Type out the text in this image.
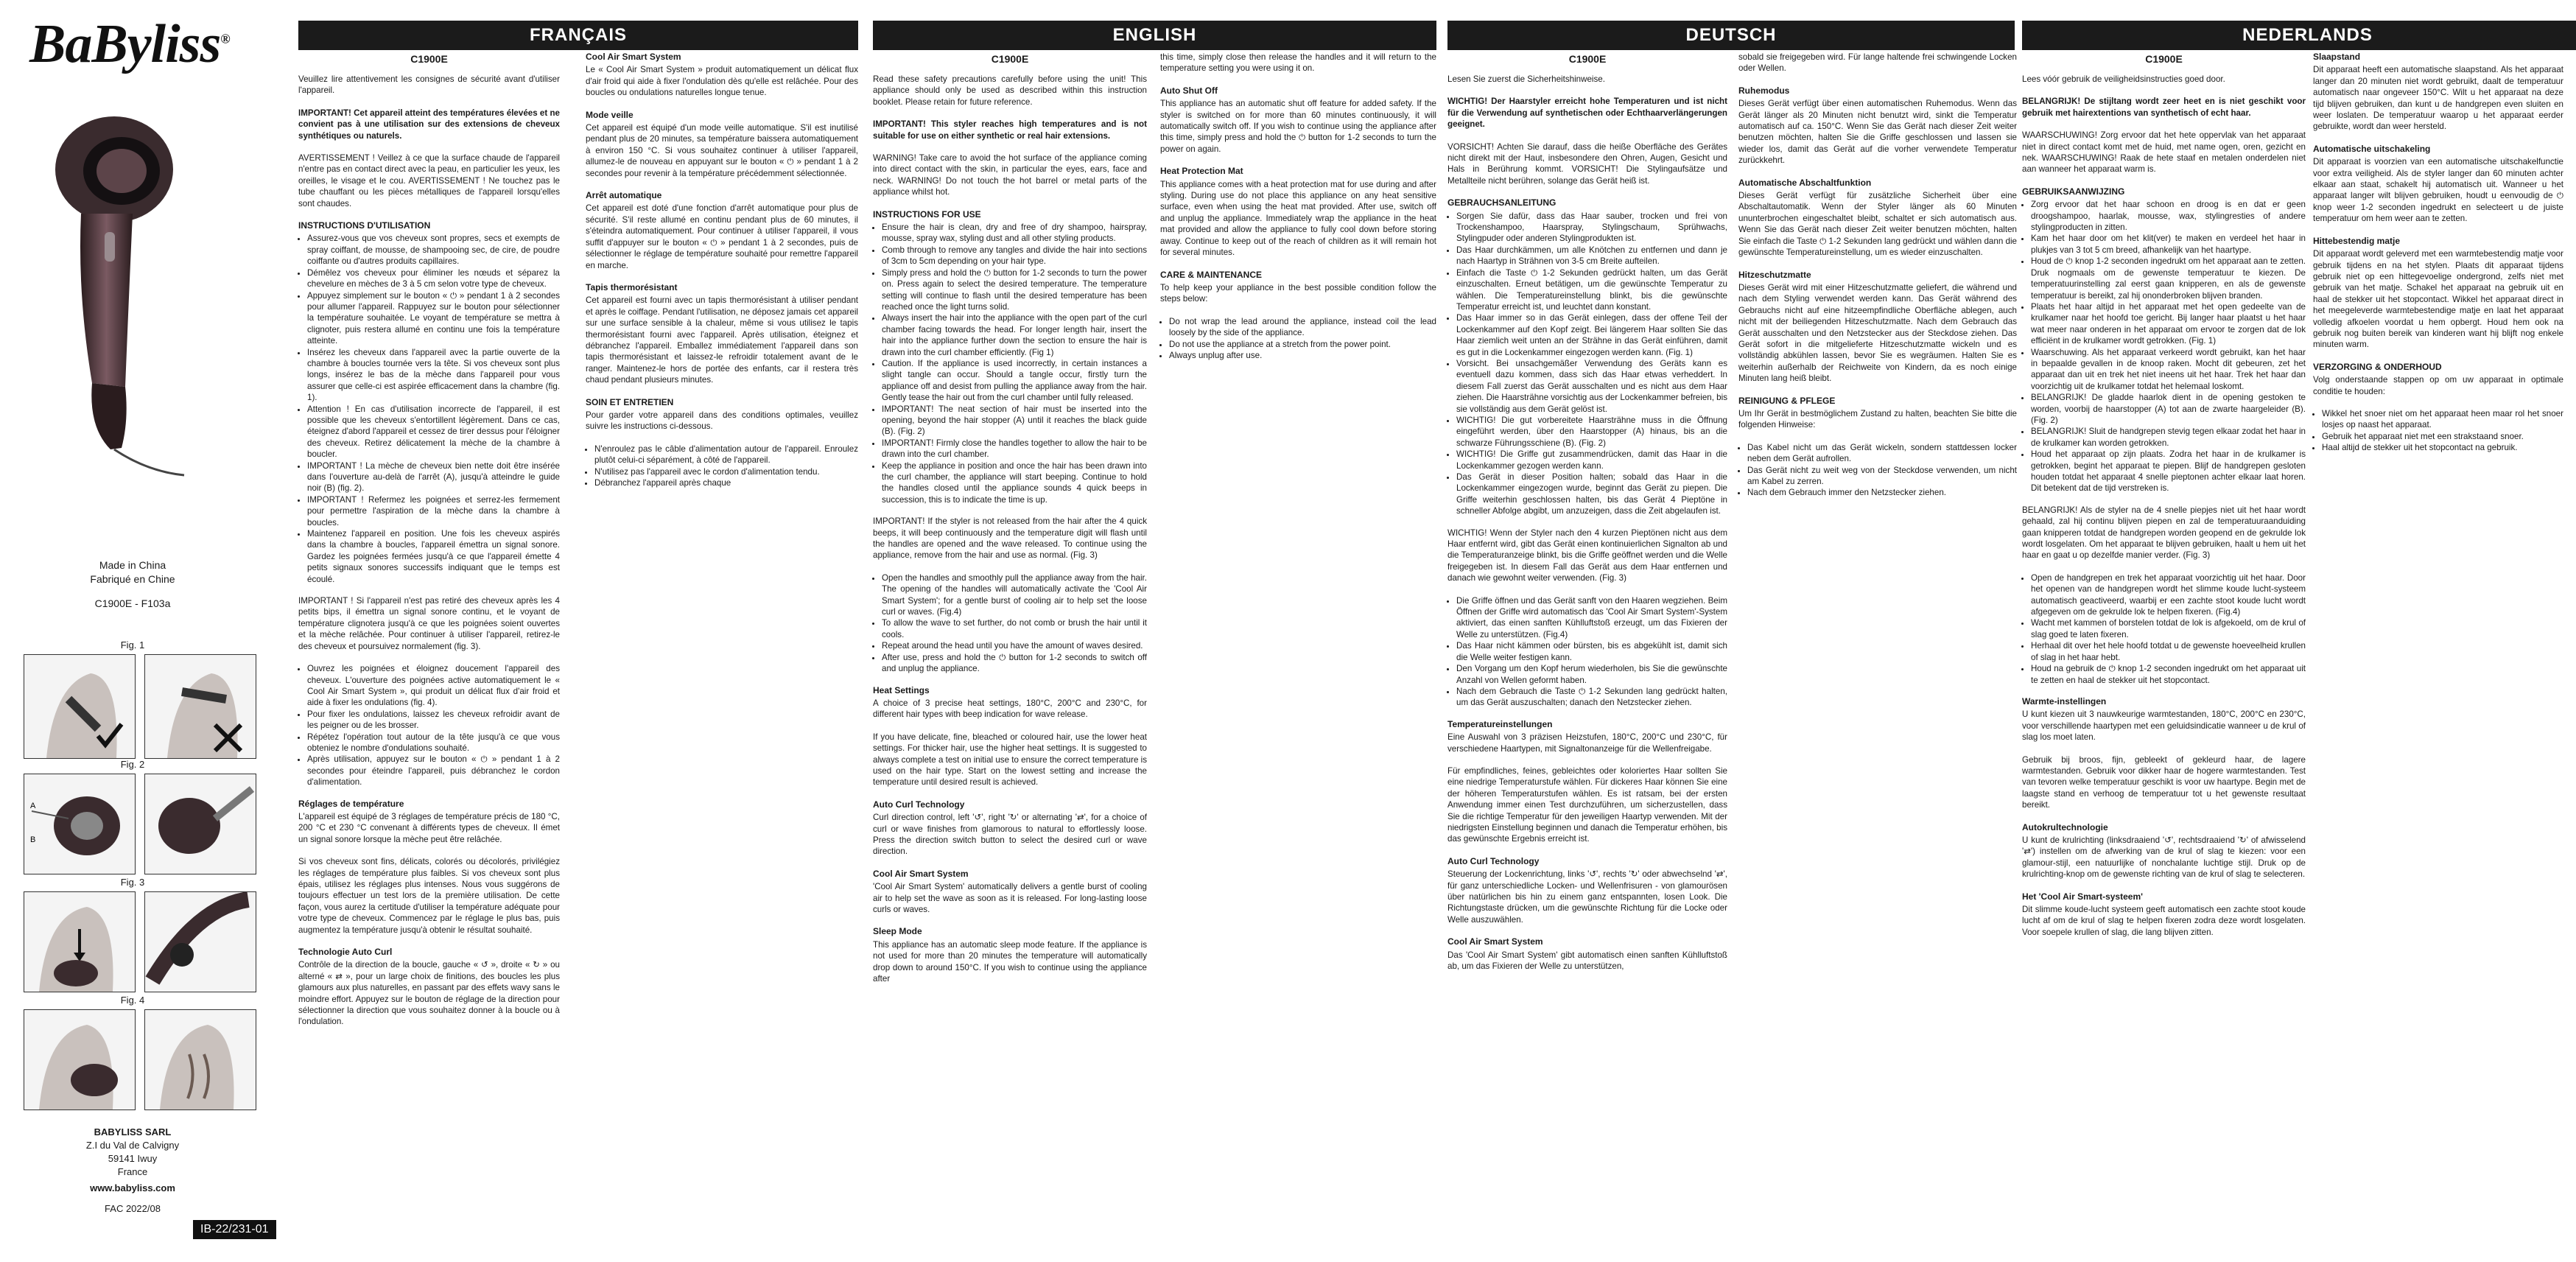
BaByliss®
Made in China
Fabriqué en Chine
C1900E - F103a
Fig. 1
Fig. 2
A
B
Fig. 3
Fig. 4
BABYLISS SARL
Z.I du Val de Calvigny
59141 Iwuy
France
www.babyliss.com
FAC 2022/08
IB-22/231-01
FRANÇAIS
C1900E

Veuillez lire attentivement les consignes de sécurité avant d'utiliser l'appareil.

IMPORTANT! Cet appareil atteint des températures élevées et ne convient pas à une utilisation sur des extensions de cheveux synthétiques ou naturels.

AVERTISSEMENT ! Veillez à ce que la surface chaude de l'appareil n'entre pas en contact direct avec la peau, en particulier les yeux, les oreilles, le visage et le cou. AVERTISSEMENT ! Ne touchez pas le tube chauffant ou les pièces métalliques de l'appareil lorsqu'elles sont chaudes.

INSTRUCTIONS D'UTILISATION
• Assurez-vous que vos cheveux sont propres, secs et exempts de spray coiffant, de mousse, de shampooing sec, de cire, de poudre coiffante ou d'autres produits capillaires.
• Démêlez vos cheveux pour éliminer les nœuds et séparez la chevelure en mèches de 3 à 5 cm selon votre type de cheveux.
• Appuyez simplement sur le bouton « ⏻ » pendant 1 à 2 secondes pour allumer l'appareil. Rappuyez sur le bouton pour sélectionner la température souhaitée. Le voyant de température se mettra à clignoter, puis restera allumé en continu une fois la température atteinte.
• Insérez les cheveux dans l'appareil avec la partie ouverte de la chambre à boucles tournée vers la tête. Si vos cheveux sont plus longs, insérez le bas de la mèche dans l'appareil pour vous assurer que celle-ci est aspirée efficacement dans la chambre (fig. 1).
• Attention ! En cas d'utilisation incorrecte de l'appareil, il est possible que les cheveux s'entortillent légèrement. Dans ce cas, éteignez d'abord l'appareil et cessez de tirer dessus pour l'éloigner des cheveux. Retirez délicatement la mèche de la chambre à boucler.
• IMPORTANT ! La mèche de cheveux bien nette doit être insérée dans l'ouverture au-delà de l'arrêt (A), jusqu'à atteindre le guide noir (B) (fig. 2).
• IMPORTANT ! Refermez les poignées et serrez-les fermement pour permettre l'aspiration de la mèche dans la chambre à boucles.
• Maintenez l'appareil en position. Une fois les cheveux aspirés dans la chambre à boucles, l'appareil émettra un signal sonore. Gardez les poignées fermées jusqu'à ce que l'appareil émette 4 petits signaux sonores successifs indiquant que le temps est écoulé.

IMPORTANT ! Si l'appareil n'est pas retiré des cheveux après les 4 petits bips, il émettra un signal sonore continu, et le voyant de température clignotera jusqu'à ce que les poignées soient ouvertes et la mèche relâchée. Pour continuer à utiliser l'appareil, retirez-le des cheveux et poursuivez normalement (fig. 3).

• Ouvrez les poignées et éloignez doucement l'appareil des cheveux. L'ouverture des poignées active automatiquement le « Cool Air Smart System », qui produit un délicat flux d'air froid et aide à fixer les ondulations (fig. 4).
• Pour fixer les ondulations, laissez les cheveux refroidir avant de les peigner ou de les brosser.
• Répétez l'opération tout autour de la tête jusqu'à ce que vous obteniez le nombre d'ondulations souhaité.
• Après utilisation, appuyez sur le bouton « ⏻ » pendant 1 à 2 secondes pour éteindre l'appareil, puis débranchez le cordon d'alimentation.
Réglages de température

L'appareil est équipé de 3 réglages de température précis de 180 °C, 200 °C et 230 °C convenant à différents types de cheveux. Il émet un signal sonore lorsque la mèche peut être relâchée.

Si vos cheveux sont fins, délicats, colorés ou décolorés, privilégiez les réglages de température plus faibles. Si vos cheveux sont plus épais, utilisez les réglages plus intenses. Nous vous suggérons de toujours effectuer un test lors de la première utilisation. De cette façon, vous aurez la certitude d'utiliser la température adéquate pour votre type de cheveux. Commencez par le réglage le plus bas, puis augmentez la température jusqu'à obtenir le résultat souhaité.

Technologie Auto Curl

Contrôle de la direction de la boucle, gauche « ↺ », droite « ↻ » ou alterné « ⇄ », pour un large choix de finitions, des boucles les plus glamours aux plus naturelles, en passant par des effets wavy sans le moindre effort. Appuyez sur le bouton de réglage de la direction pour sélectionner la direction que vous souhaitez donner à la boucle ou à l'ondulation.

Cool Air Smart System

Le « Cool Air Smart System » produit automatiquement un délicat flux d'air froid qui aide à fixer l'ondulation dès qu'elle est relâchée. Pour des boucles ou ondulations naturelles longue tenue.

Mode veille

Cet appareil est équipé d'un mode veille automatique. S'il est inutilisé pendant plus de 20 minutes, sa température baissera automatiquement à environ 150 °C. Si vous souhaitez continuer à utiliser l'appareil, allumez-le de nouveau en appuyant sur le bouton « ⏻ » pendant 1 à 2 secondes pour revenir à la température précédemment sélectionnée.

Arrêt automatique

Cet appareil est doté d'une fonction d'arrêt automatique pour plus de sécurité. S'il reste allumé en continu pendant plus de 60 minutes, il s'éteindra automatiquement. Pour continuer à utiliser l'appareil, il vous suffit d'appuyer sur le bouton « ⏻ » pendant 1 à 2 secondes, puis de sélectionner le réglage de température souhaité pour remettre l'appareil en marche.

Tapis thermorésistant

Cet appareil est fourni avec un tapis thermorésistant à utiliser pendant et après le coiffage. Pendant l'utilisation, ne déposez jamais cet appareil sur une surface sensible à la chaleur, même si vous utilisez le tapis thermorésistant fourni avec l'appareil. Après utilisation, éteignez et débranchez l'appareil. Emballez immédiatement l'appareil dans son tapis thermorésistant et laissez-le refroidir totalement avant de le ranger. Maintenez-le hors de portée des enfants, car il restera très chaud pendant plusieurs minutes.

SOIN ET ENTRETIEN

Pour garder votre appareil dans des conditions optimales, veuillez suivre les instructions ci-dessous.

• N'enroulez pas le câble d'alimentation autour de l'appareil. Enroulez plutôt celui-ci séparément, à côté de l'appareil.
• N'utilisez pas l'appareil avec le cordon d'alimentation tendu.
• Débranchez l'appareil après chaque
ENGLISH
C1900E

Read these safety precautions carefully before using the unit! This appliance should only be used as described within this instruction booklet. Please retain for future reference.

IMPORTANT! This styler reaches high temperatures and is not suitable for use on either synthetic or real hair extensions.

WARNING! Take care to avoid the hot surface of the appliance coming into direct contact with the skin, in particular the eyes, ears, face and neck. WARNING! Do not touch the hot barrel or metal parts of the appliance whilst hot.

INSTRUCTIONS FOR USE
• Ensure the hair is clean, dry and free of dry shampoo, hairspray, mousse, spray wax, styling dust and all other styling products.
• Comb through to remove any tangles and divide the hair into sections of 3cm to 5cm depending on your hair type.
• Simply press and hold the ⏻ button for 1-2 seconds to turn the power on. Press again to select the desired temperature. The temperature setting will continue to flash until the desired temperature has been reached once the light turns solid.
• Always insert the hair into the appliance with the open part of the curl chamber facing towards the head. For longer length hair, insert the hair into the appliance further down the section to ensure the hair is drawn into the curl chamber efficiently. (Fig 1)
• Caution. If the appliance is used incorrectly, in certain instances a slight tangle can occur. Should a tangle occur, firstly turn the appliance off and desist from pulling the appliance away from the hair. Gently tease the hair out from the curl chamber until fully released.
• IMPORTANT! The neat section of hair must be inserted into the opening, beyond the hair stopper (A) until it reaches the black guide (B). (Fig. 2)
• IMPORTANT! Firmly close the handles together to allow the hair to be drawn into the curl chamber.
• Keep the appliance in position and once the hair has been drawn into the curl chamber, the appliance will start beeping. Continue to hold the handles closed until the appliance sounds 4 quick beeps in succession, this is to indicate the time is up.

IMPORTANT! If the styler is not released from the hair after the 4 quick beeps, it will beep continuously and the temperature digit will flash until the handles are opened and the wave released. To continue using the appliance, remove from the hair and use as normal. (Fig. 3)

• Open the handles and smoothly pull the appliance away from the hair. The opening of the handles will automatically activate the 'Cool Air Smart System'; for a gentle burst of cooling air to help set the loose curl or waves. (Fig.4)
• To allow the wave to set further, do not comb or brush the hair until it cools.
• Repeat around the head until you have the amount of waves desired.
• After use, press and hold the ⏻ button for 1-2 seconds to switch off and unplug the appliance.
Heat Settings

A choice of 3 precise heat settings, 180°C, 200°C and 230°C, for different hair types with beep indication for wave release.

If you have delicate, fine, bleached or coloured hair, use the lower heat settings. For thicker hair, use the higher heat settings. It is suggested to always complete a test on initial use to ensure the correct temperature is used on the hair type. Start on the lowest setting and increase the temperature until desired result is achieved.

Auto Curl Technology

Curl direction control, left '↺', right '↻' or alternating '⇄', for a choice of curl or wave finishes from glamorous to natural to effortlessly loose. Press the direction switch button to select the desired curl or wave direction.

Cool Air Smart System

'Cool Air Smart System' automatically delivers a gentle burst of cooling air to help set the wave as soon as it is released. For long-lasting loose curls or waves.

Sleep Mode

This appliance has an automatic sleep mode feature. If the appliance is not used for more than 20 minutes the temperature will automatically drop down to around 150°C. If you wish to continue using the appliance after

this time, simply close then release the handles and it will return to the temperature setting you were using it on.

Auto Shut Off

This appliance has an automatic shut off feature for added safety. If the styler is switched on for more than 60 minutes continuously, it will automatically switch off. If you wish to continue using the appliance after this time, simply press and hold the ⏻ button for 1-2 seconds to turn the power on again.

Heat Protection Mat

This appliance comes with a heat protection mat for use during and after styling. During use do not place this appliance on any heat sensitive surface, even when using the heat mat provided. After use, switch off and unplug the appliance. Immediately wrap the appliance in the heat mat provided and allow the appliance to fully cool down before storing away. Continue to keep out of the reach of children as it will remain hot for several minutes.

CARE & MAINTENANCE

To help keep your appliance in the best possible condition follow the steps below:

• Do not wrap the lead around the appliance, instead coil the lead loosely by the side of the appliance.
• Do not use the appliance at a stretch from the power point.
• Always unplug after use.
DEUTSCH
C1900E

Lesen Sie zuerst die Sicherheitshinweise.

WICHTIG! Der Haarstyler erreicht hohe Temperaturen und ist nicht für die Verwendung auf synthetischen oder Echthaarverlängerungen geeignet.

VORSICHT! Achten Sie darauf, dass die heiße Oberfläche des Gerätes nicht direkt mit der Haut, insbesondere den Ohren, Augen, Gesicht und Hals in Berührung kommt. VORSICHT! Die Stylingaufsätze und Metallteile nicht berühren, solange das Gerät heiß ist.

GEBRAUCHSANLEITUNG
• Sorgen Sie dafür, dass das Haar sauber, trocken und frei von Trockenshampoo, Haarspray, Stylingschaum, Sprühwachs, Stylingpuder oder anderen Stylingprodukten ist.
• Das Haar durchkämmen, um alle Knötchen zu entfernen und dann je nach Haartyp in Strähnen von 3-5 cm Breite aufteilen.
• Einfach die Taste ⏻ 1-2 Sekunden gedrückt halten, um das Gerät einzuschalten. Erneut betätigen, um die gewünschte Temperatur zu wählen. Die Temperatureinstellung blinkt, bis die gewünschte Temperatur erreicht ist, und leuchtet dann konstant.
• Das Haar immer so in das Gerät einlegen, dass der offene Teil der Lockenkammer auf den Kopf zeigt. Bei längerem Haar sollten Sie das Haar ziemlich weit unten an der Strähne in das Gerät einführen, damit es gut in die Lockenkammer eingezogen werden kann. (Fig. 1)
• Vorsicht. Bei unsachgemäßer Verwendung des Geräts kann es eventuell dazu kommen, dass sich das Haar etwas verheddert. In diesem Fall zuerst das Gerät ausschalten und es nicht aus dem Haar ziehen. Die Haarsträhne vorsichtig aus der Lockenkammer befreien, bis sie vollständig aus dem Gerät gelöst ist.
• WICHTIG! Die gut vorbereitete Haarsträhne muss in die Öffnung eingeführt werden, über den Haarstopper (A) hinaus, bis an die schwarze Führungsschiene (B). (Fig. 2)
• WICHTIG! Die Griffe gut zusammendrücken, damit das Haar in die Lockenkammer gezogen werden kann.
• Das Gerät in dieser Position halten; sobald das Haar in die Lockenkammer eingezogen wurde, beginnt das Gerät zu piepen. Die Griffe weiterhin geschlossen halten, bis das Gerät 4 Pieptöne in schneller Abfolge abgibt, um anzuzeigen, dass die Zeit abgelaufen ist.

WICHTIG! Wenn der Styler nach den 4 kurzen Pieptönen nicht aus dem Haar entfernt wird, gibt das Gerät einen kontinuierlichen Signalton ab und die Temperaturanzeige blinkt, bis die Griffe geöffnet werden und die Welle freigegeben ist. In diesem Fall das Gerät aus dem Haar entfernen und danach wie gewohnt weiter verwenden. (Fig. 3)

• Die Griffe öffnen und das Gerät sanft von den Haaren wegziehen. Beim Öffnen der Griffe wird automatisch das 'Cool Air Smart System'-System aktiviert, das einen sanften Kühlluftstoß erzeugt, um das Fixieren der Welle zu unterstützen. (Fig.4)
• Das Haar nicht kämmen oder bürsten, bis es abgekühlt ist, damit sich die Welle weiter festigen kann.
• Den Vorgang um den Kopf herum wiederholen, bis Sie die gewünschte Anzahl von Wellen geformt haben.
• Nach dem Gebrauch die Taste ⏻ 1-2 Sekunden lang gedrückt halten, um das Gerät auszuschalten; danach den Netzstecker ziehen.
Temperatureinstellungen

Eine Auswahl von 3 präzisen Heizstufen, 180°C, 200°C und 230°C, für verschiedene Haartypen, mit Signaltonanzeige für die Wellenfreigabe.

Für empfindliches, feines, gebleichtes oder koloriertes Haar sollten Sie eine niedrige Temperaturstufe wählen. Für dickeres Haar können Sie eine der höheren Temperaturstufen wählen. Es ist ratsam, bei der ersten Anwendung immer einen Test durchzuführen, um sicherzustellen, dass Sie die richtige Temperatur für den jeweiligen Haartyp verwenden. Mit der niedrigsten Einstellung beginnen und danach die Temperatur erhöhen, bis das gewünschte Ergebnis erreicht ist.

Auto Curl Technology

Steuerung der Lockenrichtung, links '↺', rechts '↻' oder abwechselnd '⇄', für ganz unterschiedliche Locken- und Wellenfrisuren - von glamourösen über natürlichen bis hin zu einem ganz entspannten, losen Look. Die Richtungstaste drücken, um die gewünschte Richtung für die Locke oder Welle auszuwählen.

Cool Air Smart System

Das 'Cool Air Smart System' gibt automatisch einen sanften Kühlluftstoß ab, um das Fixieren der Welle zu unterstützen,

sobald sie freigegeben wird. Für lange haltende frei schwingende Locken oder Wellen.

Ruhemodus

Dieses Gerät verfügt über einen automatischen Ruhemodus. Wenn das Gerät länger als 20 Minuten nicht benutzt wird, sinkt die Temperatur automatisch auf ca. 150°C. Wenn Sie das Gerät nach dieser Zeit weiter benutzen möchten, halten Sie die Griffe geschlossen und lassen sie wieder los, damit das Gerät auf die vorher verwendete Temperatur zurückkehrt.

Automatische Abschaltfunktion

Dieses Gerät verfügt für zusätzliche Sicherheit über eine Abschaltautomatik. Wenn der Styler länger als 60 Minuten ununterbrochen eingeschaltet bleibt, schaltet er sich automatisch aus. Wenn Sie das Gerät nach dieser Zeit weiter benutzen möchten, halten Sie einfach die Taste ⏻ 1-2 Sekunden lang gedrückt und wählen dann die gewünschte Temperatureinstellung, um es wieder einzuschalten.

Hitzeschutzmatte

Dieses Gerät wird mit einer Hitzeschutzmatte geliefert, die während und nach dem Styling verwendet werden kann. Das Gerät während des Gebrauchs nicht auf eine hitzeempfindliche Oberfläche ablegen, auch nicht mit der beiliegenden Hitzeschutzmatte. Nach dem Gebrauch das Gerät ausschalten und den Netzstecker aus der Steckdose ziehen. Das Gerät sofort in die mitgelieferte Hitzeschutzmatte wickeln und es vollständig abkühlen lassen, bevor Sie es wegräumen. Halten Sie es weiterhin außerhalb der Reichweite von Kindern, da es noch einige Minuten lang heiß bleibt.

REINIGUNG & PFLEGE

Um Ihr Gerät in bestmöglichem Zustand zu halten, beachten Sie bitte die folgenden Hinweise:

• Das Kabel nicht um das Gerät wickeln, sondern stattdessen locker neben dem Gerät aufrollen.
• Das Gerät nicht zu weit weg von der Steckdose verwenden, um nicht am Kabel zu zerren.
• Nach dem Gebrauch immer den Netzstecker ziehen.
NEDERLANDS
C1900E

Lees vóór gebruik de veiligheidsinstructies goed door.

BELANGRIJK! De stijltang wordt zeer heet en is niet geschikt voor gebruik met hairextentions van synthetisch of echt haar.

WAARSCHUWING! Zorg ervoor dat het hete oppervlak van het apparaat niet in direct contact komt met de huid, met name ogen, oren, gezicht en nek. WAARSCHUWING! Raak de hete staaf en metalen onderdelen niet aan wanneer het apparaat warm is.

GEBRUIKSAANWIJZING
• Zorg ervoor dat het haar schoon en droog is en dat er geen droogshampoo, haarlak, mousse, wax, stylingresties of andere stylingproducten in zitten.
• Kam het haar door om het klit(ver) te maken en verdeel het haar in plukjes van 3 tot 5 cm breed, afhankelijk van het haartype.
• Houd de ⏻ knop 1-2 seconden ingedrukt om het apparaat aan te zetten. Druk nogmaals om de gewenste temperatuur te kiezen. De temperatuurinstelling zal eerst gaan knipperen, en als de gewenste temperatuur is bereikt, zal hij ononderbroken blijven branden.
• Plaats het haar altijd in het apparaat met het open gedeelte van de krulkamer naar het hoofd toe gericht. Bij langer haar plaatst u het haar wat meer naar onderen in het apparaat om ervoor te zorgen dat de lok efficiënt in de krulkamer wordt getrokken. (Fig. 1)
• Waarschuwing. Als het apparaat verkeerd wordt gebruikt, kan het haar in bepaalde gevallen in de knoop raken. Mocht dit gebeuren, zet het apparaat dan uit en trek het niet ineens uit het haar. Trek het haar dan voorzichtig uit de krulkamer totdat het helemaal loskomt.
• BELANGRIJK! De gladde haarlok dient in de opening gestoken te worden, voorbij de haarstopper (A) tot aan de zwarte haargeleider (B). (Fig. 2)
• BELANGRIJK! Sluit de handgrepen stevig tegen elkaar zodat het haar in de krulkamer kan worden getrokken.
• Houd het apparaat op zijn plaats. Zodra het haar in de krulkamer is getrokken, begint het apparaat te piepen. Blijf de handgrepen gesloten houden totdat het apparaat 4 snelle pieptonen achter elkaar laat horen. Dit betekent dat de tijd verstreken is.

BELANGRIJK! Als de styler na de 4 snelle piepjes niet uit het haar wordt gehaald, zal hij continu blijven piepen en zal de temperatuuraanduiding gaan knipperen totdat de handgrepen worden geopend en de gekrulde lok wordt losgelaten. Om het apparaat te blijven gebruiken, haalt u hem uit het haar en gaat u op dezelfde manier verder. (Fig. 3)

• Open de handgrepen en trek het apparaat voorzichtig uit het haar. Door het openen van de handgrepen wordt het slimme koude lucht-systeem automatisch geactiveerd, waarbij er een zachte stoot koude lucht wordt afgegeven om de gekrulde lok te helpen fixeren. (Fig.4)
• Wacht met kammen of borstelen totdat de lok is afgekoeld, om de krul of slag goed te laten fixeren.
• Herhaal dit over het hele hoofd totdat u de gewenste hoeveelheid krullen of slag in het haar hebt.
• Houd na gebruik de ⏻ knop 1-2 seconden ingedrukt om het apparaat uit te zetten en haal de stekker uit het stopcontact.
Warmte-instellingen

U kunt kiezen uit 3 nauwkeurige warmtestanden, 180°C, 200°C en 230°C, voor verschillende haartypen met een geluidsindicatie wanneer u de krul of slag los moet laten.

Gebruik bij broos, fijn, gebleekt of gekleurd haar, de lagere warmtestanden. Gebruik voor dikker haar de hogere warmtestanden. Test van tevoren welke temperatuur geschikt is voor uw haartype. Begin met de laagste stand en verhoog de temperatuur tot u het gewenste resultaat bereikt.

Autokrultechnologie

U kunt de krulrichting (linksdraaiend '↺', rechtsdraaiend '↻' of afwisselend '⇄') instellen om de afwerking van de krul of slag te kiezen: voor een glamour-stijl, een natuurlijke of nonchalante luchtige stijl. Druk op de krulrichting-knop om de gewenste richting van de krul of slag te selecteren.

Het 'Cool Air Smart-systeem'

Dit slimme koude-lucht systeem geeft automatisch een zachte stoot koude lucht af om de krul of slag te helpen fixeren zodra deze wordt losgelaten. Voor soepele krullen of slag, die lang blijven zitten.

Slaapstand

Dit apparaat heeft een automatische slaapstand. Als het apparaat langer dan 20 minuten niet wordt gebruikt, daalt de temperatuur automatisch naar ongeveer 150°C. Wilt u het apparaat na deze tijd blijven gebruiken, dan kunt u de handgrepen even sluiten en weer loslaten. De temperatuur waarop u het apparaat eerder gebruikte, wordt dan weer hersteld.

Automatische uitschakeling

Dit apparaat is voorzien van een automatische uitschakelfunctie voor extra veiligheid. Als de styler langer dan 60 minuten achter elkaar aan staat, schakelt hij automatisch uit. Wanneer u het apparaat langer wilt blijven gebruiken, houdt u eenvoudig de ⏻ knop weer 1-2 seconden ingedrukt en selecteert u de juiste temperatuur om hem weer aan te zetten.

Hittebestendig matje

Dit apparaat wordt geleverd met een warmtebestendig matje voor gebruik tijdens en na het stylen. Plaats dit apparaat tijdens gebruik niet op een hittegevoelige ondergrond, zelfs niet met gebruik van het matje. Schakel het apparaat na gebruik uit en haal de stekker uit het stopcontact. Wikkel het apparaat direct in het meegeleverde warmtebestendige matje en laat het apparaat volledig afkoelen voordat u hem opbergt. Houd hem ook na gebruik nog buiten bereik van kinderen want hij blijft nog enkele minuten warm.

VERZORGING & ONDERHOUD

Volg onderstaande stappen op om uw apparaat in optimale conditie te houden:

• Wikkel het snoer niet om het apparaat heen maar rol het snoer losjes op naast het apparaat.
• Gebruik het apparaat niet met een strakstaand snoer.
• Haal altijd de stekker uit het stopcontact na gebruik.
